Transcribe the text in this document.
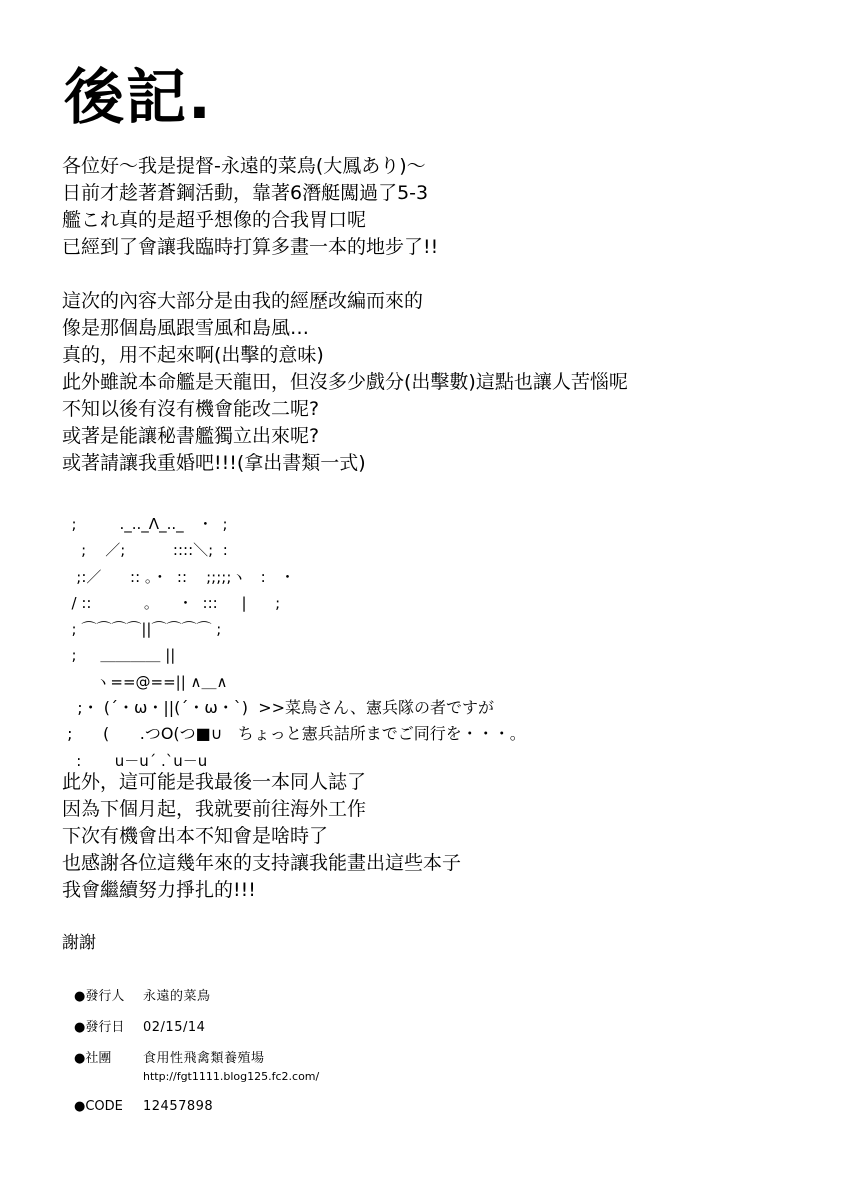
後記.
各位好～我是提督-永遠的菜鳥(大鳳あり)～
日前才趁著蒼鋼活動，靠著6潛艇闖過了5-3
艦これ真的是超乎想像的合我胃口呢
已經到了會讓我臨時打算多畫一本的地步了!!
這次的內容大部分是由我的經歷改編而來的
像是那個島風跟雪風和島風…
真的，用不起來啊(出擊的意味)
此外雖說本命艦是天龍田，但沒多少戲分(出擊數)這點也讓人苦惱呢
不知以後有沒有機會能改二呢?
或著是能讓秘書艦獨立出來呢?
或著請讓我重婚吧!!!(拿出書類一式)
;         ._.._Λ_.._   ・  ;
;    ／;          ::::＼;  :
;:／      :: 。・  ::    ;;;;;ヽ   :   ・
/ ::           。    ・  :::     |      ;
; ⌒⌒⌒⌒||⌒⌒⌒⌒ ;
;     ＿＿＿＿ ||
ヽ==@==|| ∧＿∧
;・ (´・ω・||(´・ω・`)  >>菜鳥さん、憲兵隊の者ですが
;      (      .つO(つ■∪   ちょっと憲兵詰所までご同行を・・・。
:       u－u´ .`u－u
此外，這可能是我最後一本同人誌了
因為下個月起，我就要前往海外工作
下次有機會出本不知會是啥時了
也感謝各位這幾年來的支持讓我能畫出這些本子
我會繼續努力掙扎的!!!
謝謝
●發行人 永遠的菜鳥
●發行日 02/15/14
●社團 食用性飛禽類養殖場
http://fgt1111.blog125.fc2.com/
●CODE 12457898
